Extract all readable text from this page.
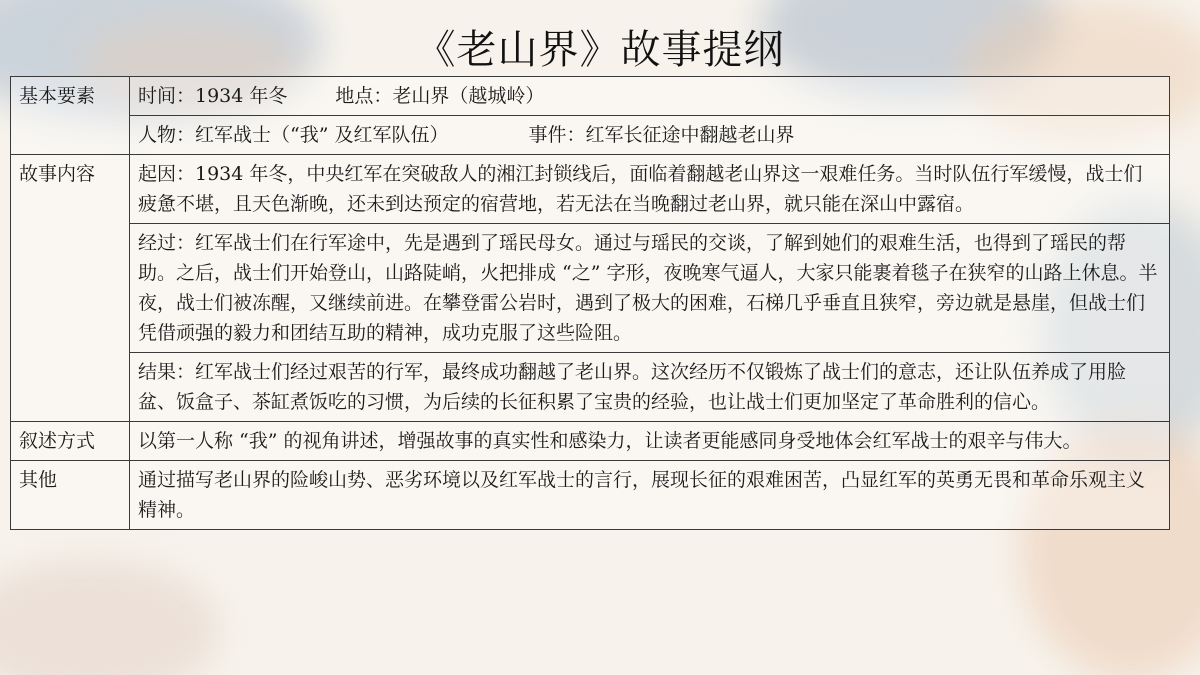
《老山界》故事提纲
基本要素	时间：1934 年冬 地点：老山界（越城岭）
	人物：红军战士（“我” 及红军队伍） 事件：红军长征途中翻越老山界
故事内容	起因：1934 年冬，中央红军在突破敌人的湘江封锁线后，面临着翻越老山界这一艰难任务。当时队伍行军缓慢，战士们疲惫不堪，且天色渐晚，还未到达预定的宿营地，若无法在当晚翻过老山界，就只能在深山中露宿。
	经过：红军战士们在行军途中，先是遇到了瑶民母女。通过与瑶民的交谈，了解到她们的艰难生活，也得到了瑶民的帮助。之后，战士们开始登山，山路陡峭，火把排成 “之” 字形，夜晚寒气逼人，大家只能裹着毯子在狭窄的山路上休息。半夜，战士们被冻醒，又继续前进。在攀登雷公岩时，遇到了极大的困难，石梯几乎垂直且狭窄，旁边就是悬崖，但战士们凭借顽强的毅力和团结互助的精神，成功克服了这些险阻。
	结果：红军战士们经过艰苦的行军，最终成功翻越了老山界。这次经历不仅锻炼了战士们的意志，还让队伍养成了用脸盆、饭盒子、茶缸煮饭吃的习惯，为后续的长征积累了宝贵的经验，也让战士们更加坚定了革命胜利的信心。
叙述方式	以第一人称 “我” 的视角讲述，增强故事的真实性和感染力，让读者更能感同身受地体会红军战士的艰辛与伟大。
其他	通过描写老山界的险峻山势、恶劣环境以及红军战士的言行，展现长征的艰难困苦，凸显红军的英勇无畏和革命乐观主义精神。
